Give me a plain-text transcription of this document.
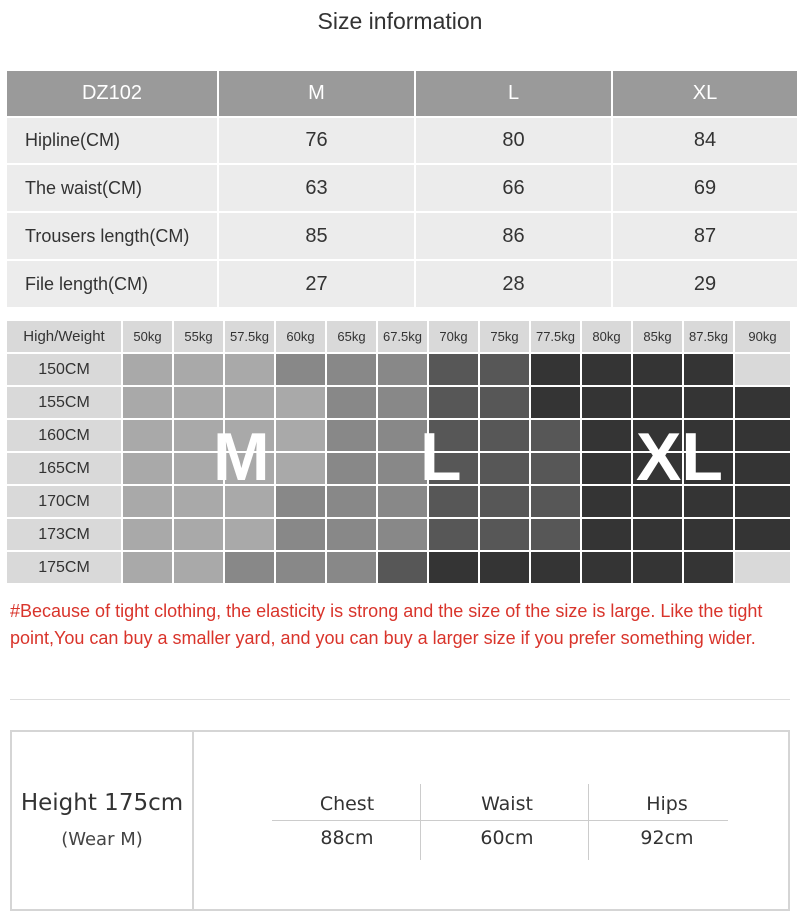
Size information
DZ102	M	L	XL
Hipline(CM)	76	80	84
The waist(CM)	63	66	69
Trousers length(CM)	85	86	87
File length(CM)	27	28	29
High/Weight	50kg	55kg	57.5kg	60kg	65kg	67.5kg	70kg	75kg	77.5kg	80kg	85kg	87.5kg	90kg
150CM
155CM
160CM
165CM
170CM
173CM
175CM
M L	XL
#Because of tight clothing, the elasticity is strong and the size of the size is large. Like the tight point,You can buy a smaller yard, and you can buy a larger size if you prefer something wider.
Height 175cm
(Wear M)
Chest	Waist	Hips
88cm	60cm	92cm
